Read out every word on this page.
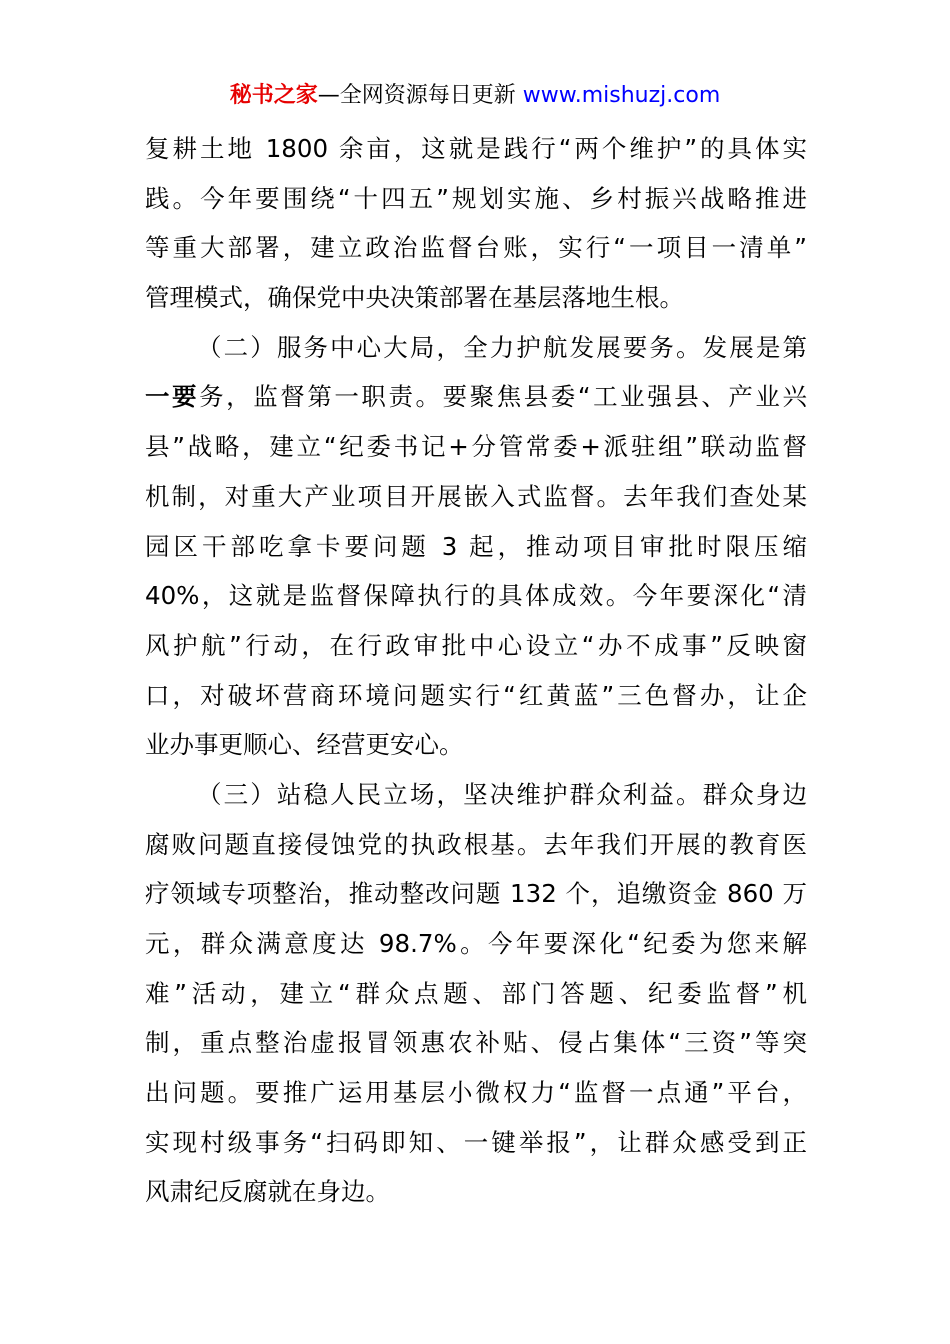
秘书之家—全网资源每日更新 www.mishuzj.com
复耕土地 1800 余亩，这就是践行“两个维护”的具体实
践。今年要围绕“十四五”规划实施、乡村振兴战略推进
等重大部署，建立政治监督台账，实行“一项目一清单”
管理模式，确保党中央决策部署在基层落地生根。
（二）服务中心大局，全力护航发展要务。发展是第
一要务，监督第一职责。要聚焦县委“工业强县、产业兴
县”战略，建立“纪委书记+分管常委+派驻组”联动监督
机制，对重大产业项目开展嵌入式监督。去年我们查处某
园区干部吃拿卡要问题 3 起，推动项目审批时限压缩
40%，这就是监督保障执行的具体成效。今年要深化“清
风护航”行动，在行政审批中心设立“办不成事”反映窗
口，对破坏营商环境问题实行“红黄蓝”三色督办，让企
业办事更顺心、经营更安心。
（三）站稳人民立场，坚决维护群众利益。群众身边
腐败问题直接侵蚀党的执政根基。去年我们开展的教育医
疗领域专项整治，推动整改问题 132 个，追缴资金 860 万
元，群众满意度达 98.7%。今年要深化“纪委为您来解
难”活动，建立“群众点题、部门答题、纪委监督”机
制，重点整治虚报冒领惠农补贴、侵占集体“三资”等突
出问题。要推广运用基层小微权力“监督一点通”平台，
实现村级事务“扫码即知、一键举报”，让群众感受到正
风肃纪反腐就在身边。
